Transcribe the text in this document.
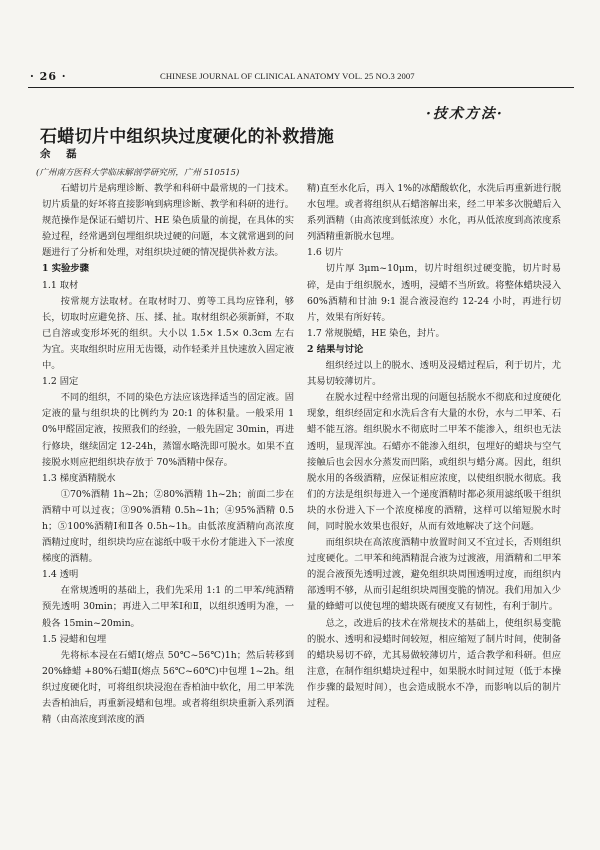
· 26 ·	CHINESE JOURNAL OF CLINICAL ANATOMY VOL. 25 NO.3 2007
·技术方法·
石蜡切片中组织块过度硬化的补救措施
余 磊
(广州南方医科大学临床解剖学研究所，广州 510515)

石蜡切片是病理诊断、教学和科研中最常规的一门技术。切片质量的好坏将直接影响到病理诊断、教学和科研的进行。规范操作是保证石蜡切片、HE 染色质量的前提，在具体的实验过程，经常遇到包埋组织块过硬的问题，本文就常遇到的问题进行了分析和处理，对组织块过硬的情况提供补救方法。

1 实验步骤
1.1 取材

按常规方法取材。在取材时刀、剪等工具均应锋利，够长，切取时应避免挤、压、揉、扯。取材组织必须新鲜，不取已自溶或变形坏死的组织。大小以 1.5× 1.5× 0.3cm 左右为宜。夹取组织时应用无齿镊，动作轻柔并且快速放入固定液中。

1.2 固定

不同的组织，不同的染色方法应该选择适当的固定液。固定液的量与组织块的比例约为 20:1 的体积量。一般采用 10%甲醛固定液，按照我们的经验，一般先固定 30min，再进行修块，继续固定 12-24h，蒸馏水略洗即可脱水。如果不直接脱水则应把组织块存放于 70%酒精中保存。

1.3 梯度酒精脱水

①70%酒精 1h~2h；②80%酒精 1h~2h；前面二步在酒精中可以过夜；③90%酒精 0.5h~1h；④95%酒精 0.5h；⑤100%酒精Ⅰ和Ⅱ各 0.5h~1h。由低浓度酒精向高浓度酒精过度时，组织块均应在滤纸中吸干水份才能进入下一浓度梯度的酒精。

1.4 透明

在常规透明的基础上，我们先采用 1:1 的二甲苯/纯酒精预先透明 30min；再进入二甲苯Ⅰ和Ⅱ，以组织透明为准，一般各 15min~20min。

1.5 浸蜡和包埋

先将标本浸在石蜡Ⅰ(熔点 50℃~56℃)1h；然后转移到 20%蜂蜡 +80%石蜡Ⅱ(熔点 56℃~60℃)中包埋 1~2h。组织过度硬化时，可将组织块浸泡在香柏油中软化，用二甲苯洗去香柏油后，再重新浸蜡和包埋。或者将组织块重新入系列酒精（由高浓度到浓度的酒

精)直至水化后，再入 1%的冰醋酸软化，水洗后再重新进行脱水包埋。或者将组织从石蜡溶解出来，经二甲苯多次脱蜡后入系列酒精（由高浓度到低浓度）水化，再从低浓度到高浓度系列酒精重新脱水包埋。

1.6 切片

切片厚 3μm~10μm，切片时组织过硬变脆，切片时易碎，是由于组织脱水，透明，浸蜡不当所致。将整体蜡块浸入 60%酒精和甘油 9:1 混合液浸泡约 12-24 小时，再进行切片，效果有所好转。

1.7 常规脱蜡，HE 染色，封片。
2 结果与讨论

组织经过以上的脱水、透明及浸蜡过程后，利于切片，尤其易切较薄切片。

在脱水过程中经常出现的问题包括脱水不彻底和过度硬化现象，组织经固定和水洗后含有大量的水份，水与二甲苯、石蜡不能互溶。组织脱水不彻底时二甲苯不能渗入，组织也无法透明，显现浑浊。石蜡亦不能渗入组织，包埋好的蜡块与空气接触后也会因水分蒸发而凹陷，或组织与蜡分离。因此，组织脱水用的各级酒精，应保证相应浓度，以使组织脱水彻底。我们的方法是组织每进入一个递度酒精时都必须用滤纸吸干组织块的水份进入下一个浓度梯度的酒精，这样可以缩短脱水时间，同时脱水效果也很好，从而有效地解决了这个问题。

而组织块在高浓度酒精中放置时间又不宜过长，否则组织过度硬化。二甲苯和纯酒精混合液为过渡液，用酒精和二甲苯的混合液预先透明过渡，避免组织块周围透明过度，而组织内部透明不够，从而引起组织块周围变脆的情况。我们用加入少量的蜂蜡可以使包埋的蜡块既有硬度又有韧性，有利于制片。

总之，改进后的技术在常规技术的基础上，使组织易变脆的脱水、透明和浸蜡时间较短，相应缩短了制片时间，使制备的蜡块易切不碎，尤其易做较薄切片，适合教学和科研。但应注意，在制作组织蜡块过程中，如果脱水时间过短（低于本操作步骤的最短时间），也会造成脱水不净，而影响以后的制片过程。
